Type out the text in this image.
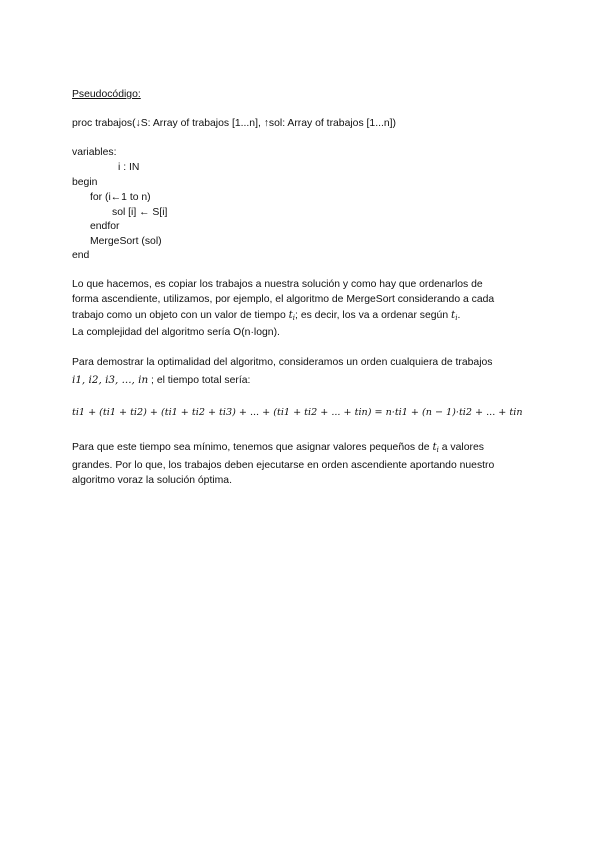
Pseudocódigo:
proc trabajos(↓S: Array of trabajos [1...n], ↑sol: Array of trabajos [1...n])
variables:
i : IN
begin
for (i←1 to n)
sol [i] ← S[i]
endfor
MergeSort (sol)
end
Lo que hacemos, es copiar los trabajos a nuestra solución y como hay que ordenarlos de
forma ascendiente, utilizamos, por ejemplo, el algoritmo de MergeSort considerando a cada
trabajo como un objeto con un valor de tiempo $t_i$; es decir, los va a ordenar según $t_i$.
La complejidad del algoritmo sería O(n·logn).
Para demostrar la optimalidad del algoritmo, consideramos un orden cualquiera de trabajos
i1, i2, i3, ..., in ; el tiempo total sería:
ti1 + (ti1 + ti2) + (ti1 + ti2 + ti3) + ... + (ti1 + ti2 + ... + tin) = n·ti1 + (n − 1)·ti2 + ... + tin
Para que este tiempo sea mínimo, tenemos que asignar valores pequeños de $t_i$ a valores
grandes. Por lo que, los trabajos deben ejecutarse en orden ascendiente aportando nuestro
algoritmo voraz la solución óptima.
